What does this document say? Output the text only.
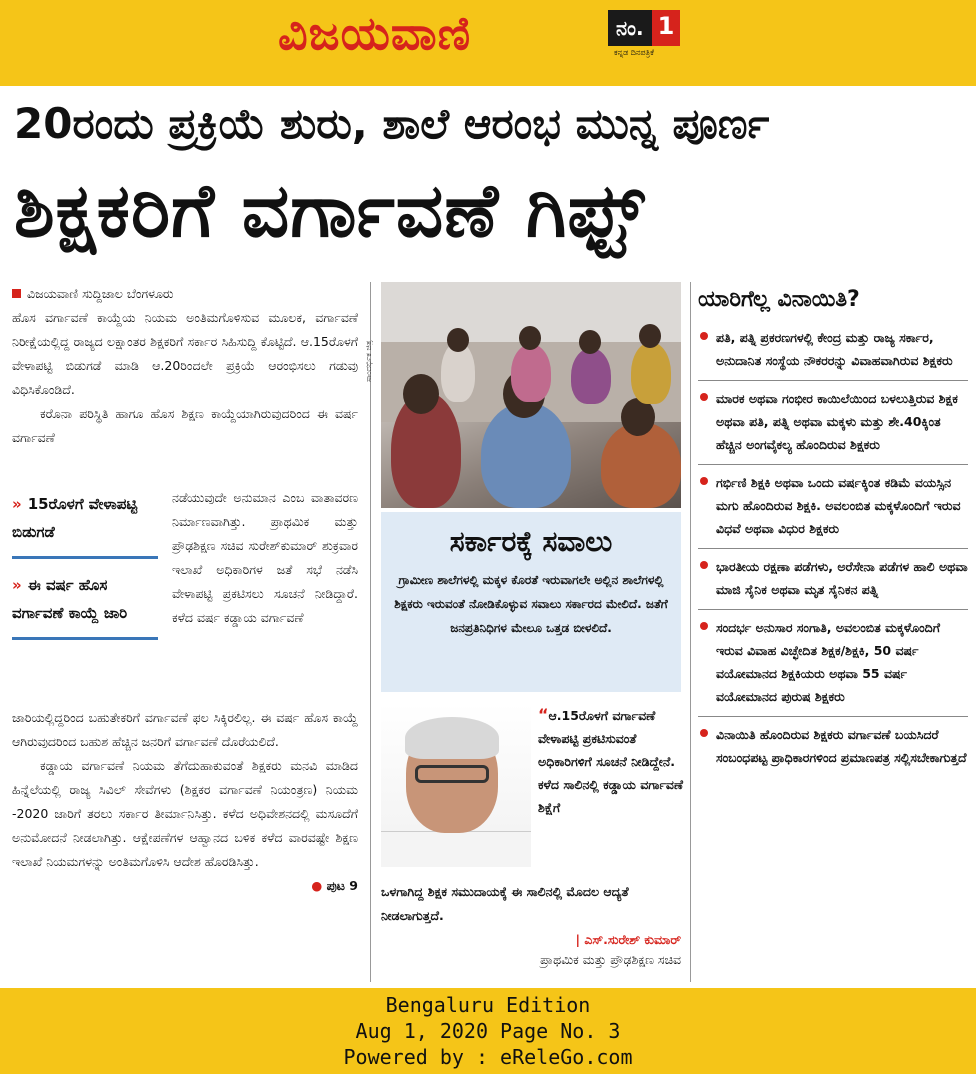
ವಿಜಯವಾಣಿ	ನಂ. 1
ಕನ್ನಡ ದಿನಪತ್ರಿಕೆ
20ರಂದು ಪ್ರಕ್ರಿಯೆ ಶುರು, ಶಾಲೆ ಆರಂಭ ಮುನ್ನ ಪೂರ್ಣ
ಶಿಕ್ಷಕರಿಗೆ ವರ್ಗಾವಣೆ ಗಿಫ್ಟ್

ವಿಜಯವಾಣಿ ಸುದ್ದಿಜಾಲ ಬೆಂಗಳೂರು

ಹೊಸ ವರ್ಗಾವಣೆ ಕಾಯ್ದೆಯ ನಿಯಮ ಅಂತಿಮಗೊಳಿಸುವ ಮೂಲಕ, ವರ್ಗಾವಣೆ ನಿರೀಕ್ಷೆಯಲ್ಲಿದ್ದ ರಾಜ್ಯದ ಲಕ್ಷಾಂತರ ಶಿಕ್ಷಕರಿಗೆ ಸರ್ಕಾರ ಸಿಹಿಸುದ್ದಿ ಕೊಟ್ಟಿದೆ. ಆ.15ರೊಳಗೆ ವೇಳಾಪಟ್ಟಿ ಬಿಡುಗಡೆ ಮಾಡಿ ಆ.20ರಿಂದಲೇ ಪ್ರಕ್ರಿಯೆ ಆರಂಭಿಸಲು ಗಡುವು ವಿಧಿಸಿಕೊಂಡಿದೆ.

ಕರೊನಾ ಪರಿಸ್ಥಿತಿ ಹಾಗೂ ಹೊಸ ಶಿಕ್ಷಣ ಕಾಯ್ದೆಯಾಗಿರುವುದರಿಂದ ಈ ವರ್ಷ ವರ್ಗಾವಣೆ

» 15ರೊಳಗೆ ವೇಳಾಪಟ್ಟಿ ಬಿಡುಗಡೆ
» ಈ ವರ್ಷ ಹೊಸ ವರ್ಗಾವಣೆ ಕಾಯ್ದೆ ಜಾರಿ
ನಡೆಯುವುದೇ ಅನುಮಾನ ಎಂಬ ವಾತಾವರಣ ನಿರ್ಮಾಣವಾಗಿತ್ತು. ಪ್ರಾಥಮಿಕ ಮತ್ತು ಪ್ರೌಢಶಿಕ್ಷಣ ಸಚಿವ ಸುರೇಶ್‌ಕುಮಾರ್ ಶುಕ್ರವಾರ ಇಲಾಖೆ ಅಧಿಕಾರಿಗಳ ಜತೆ ಸಭೆ ನಡೆಸಿ ವೇಳಾಪಟ್ಟಿ ಪ್ರಕಟಿಸಲು ಸೂಚನೆ ನೀಡಿದ್ದಾರೆ. ಕಳೆದ ವರ್ಷ ಕಡ್ಡಾಯ ವರ್ಗಾವಣೆ

ಜಾರಿಯಲ್ಲಿದ್ದರಿಂದ ಬಹುತೇಕರಿಗೆ ವರ್ಗಾವಣೆ ಫಲ ಸಿಕ್ಕಿರಲಿಲ್ಲ. ಈ ವರ್ಷ ಹೊಸ ಕಾಯ್ದೆ ಆಗಿರುವುದರಿಂದ ಬಹುಶ ಹೆಚ್ಚಿನ ಜನರಿಗೆ ವರ್ಗಾವಣೆ ದೊರೆಯಲಿದೆ.

ಕಡ್ಡಾಯ ವರ್ಗಾವಣೆ ನಿಯಮ ತೆಗೆದುಹಾಕುವಂತೆ ಶಿಕ್ಷಕರು ಮನವಿ ಮಾಡಿದ ಹಿನ್ನೆಲೆಯಲ್ಲಿ ರಾಜ್ಯ ಸಿವಿಲ್ ಸೇವೆಗಳು (ಶಿಕ್ಷಕರ ವರ್ಗಾವಣೆ ನಿಯಂತ್ರಣ) ನಿಯಮ -2020 ಜಾರಿಗೆ ತರಲು ಸರ್ಕಾರ ತೀರ್ಮಾನಿಸಿತ್ತು. ಕಳೆದ ಅಧಿವೇಶನದಲ್ಲಿ ಮಸೂದೆಗೆ ಅನುಮೋದನೆ ನೀಡಲಾಗಿತ್ತು. ಆಕ್ಷೇಪಣೆಗಳ ಆಹ್ವಾನದ ಬಳಿಕ ಕಳೆದ ವಾರವಷ್ಟೇ ಶಿಕ್ಷಣ ಇಲಾಖೆ ನಿಯಮಗಳನ್ನು ಅಂತಿಮಗೊಳಿಸಿ ಆದೇಶ ಹೊರಡಿಸಿತ್ತು.

● ಪುಟ 9

ಸಾಂದರ್ಭಿಕ ಚಿತ್ರ
ಸರ್ಕಾರಕ್ಕೆ ಸವಾಲು
ಗ್ರಾಮೀಣ ಶಾಲೆಗಳಲ್ಲಿ ಮಕ್ಕಳ ಕೊರತೆ ಇರುವಾಗಲೇ ಅಲ್ಲಿನ ಶಾಲೆಗಳಲ್ಲಿ ಶಿಕ್ಷಕರು ಇರುವಂತೆ ನೋಡಿಕೊಳ್ಳುವ ಸವಾಲು ಸರ್ಕಾರದ ಮೇಲಿದೆ. ಜತೆಗೆ ಜನಪ್ರತಿನಿಧಿಗಳ ಮೇಲೂ ಒತ್ತಡ ಬೀಳಲಿದೆ.
“ಆ.15ರೊಳಗೆ ವರ್ಗಾವಣೆ ವೇಳಾಪಟ್ಟಿ ಪ್ರಕಟಿಸುವಂತೆ ಅಧಿಕಾರಿಗಳಿಗೆ ಸೂಚನೆ ನೀಡಿದ್ದೇನೆ. ಕಳೆದ ಸಾಲಿನಲ್ಲಿ ಕಡ್ಡಾಯ ವರ್ಗಾವಣೆ ಶಿಕ್ಷೆಗೆ
ಒಳಗಾಗಿದ್ದ ಶಿಕ್ಷಕ ಸಮುದಾಯಕ್ಕೆ ಈ ಸಾಲಿನಲ್ಲಿ ಮೊದಲ ಆದ್ಯತೆ ನೀಡಲಾಗುತ್ತದೆ.
| ಎಸ್.ಸುರೇಶ್ ಕುಮಾರ್
ಪ್ರಾಥಮಿಕ ಮತ್ತು ಪ್ರೌಢಶಿಕ್ಷಣ ಸಚಿವ
ಯಾರಿಗೆಲ್ಲ ವಿನಾಯಿತಿ?
ಪತಿ, ಪತ್ನಿ ಪ್ರಕರಣಗಳಲ್ಲಿ ಕೇಂದ್ರ ಮತ್ತು ರಾಜ್ಯ ಸರ್ಕಾರ, ಅನುದಾನಿತ ಸಂಸ್ಥೆಯ ನೌಕರರನ್ನು ವಿವಾಹವಾಗಿರುವ ಶಿಕ್ಷಕರು
ಮಾರಕ ಅಥವಾ ಗಂಭೀರ ಕಾಯಿಲೆಯಿಂದ ಬಳಲುತ್ತಿರುವ ಶಿಕ್ಷಕ ಅಥವಾ ಪತಿ, ಪತ್ನಿ ಅಥವಾ ಮಕ್ಕಳು ಮತ್ತು ಶೇ.40ಕ್ಕಿಂತ ಹೆಚ್ಚಿನ ಅಂಗವೈಕಲ್ಯ ಹೊಂದಿರುವ ಶಿಕ್ಷಕರು
ಗರ್ಭಿಣಿ ಶಿಕ್ಷಕಿ ಅಥವಾ ಒಂದು ವರ್ಷಕ್ಕಿಂತ ಕಡಿಮೆ ವಯಸ್ಸಿನ ಮಗು ಹೊಂದಿರುವ ಶಿಕ್ಷಕಿ. ಅವಲಂಬಿತ ಮಕ್ಕಳೊಂದಿಗೆ ಇರುವ ವಿಧವೆ ಅಥವಾ ವಿಧುರ ಶಿಕ್ಷಕರು
ಭಾರತೀಯ ರಕ್ಷಣಾ ಪಡೆಗಳು, ಅರೆಸೇನಾ ಪಡೆಗಳ ಹಾಲಿ ಅಥವಾ ಮಾಜಿ ಸೈನಿಕ ಅಥವಾ ಮೃತ ಸೈನಿಕನ ಪತ್ನಿ
ಸಂದರ್ಭ ಅನುಸಾರ ಸಂಗಾತಿ, ಅವಲಂಬಿತ ಮಕ್ಕಳೊಂದಿಗೆ ಇರುವ ವಿವಾಹ ವಿಚ್ಛೇದಿತ ಶಿಕ್ಷಕ/ಶಿಕ್ಷಕಿ, 50 ವರ್ಷ ವಯೋಮಾನದ ಶಿಕ್ಷಕಿಯರು ಅಥವಾ 55 ವರ್ಷ ವಯೋಮಾನದ ಪುರುಷ ಶಿಕ್ಷಕರು
ವಿನಾಯಿತಿ ಹೊಂದಿರುವ ಶಿಕ್ಷಕರು ವರ್ಗಾವಣೆ ಬಯಸಿದರೆ ಸಂಬಂಧಪಟ್ಟ ಪ್ರಾಧಿಕಾರಗಳಿಂದ ಪ್ರಮಾಣಪತ್ರ ಸಲ್ಲಿಸಬೇಕಾಗುತ್ತದೆ
Bengaluru Edition
Aug 1, 2020 Page No. 3
Powered by : eReleGo.com
